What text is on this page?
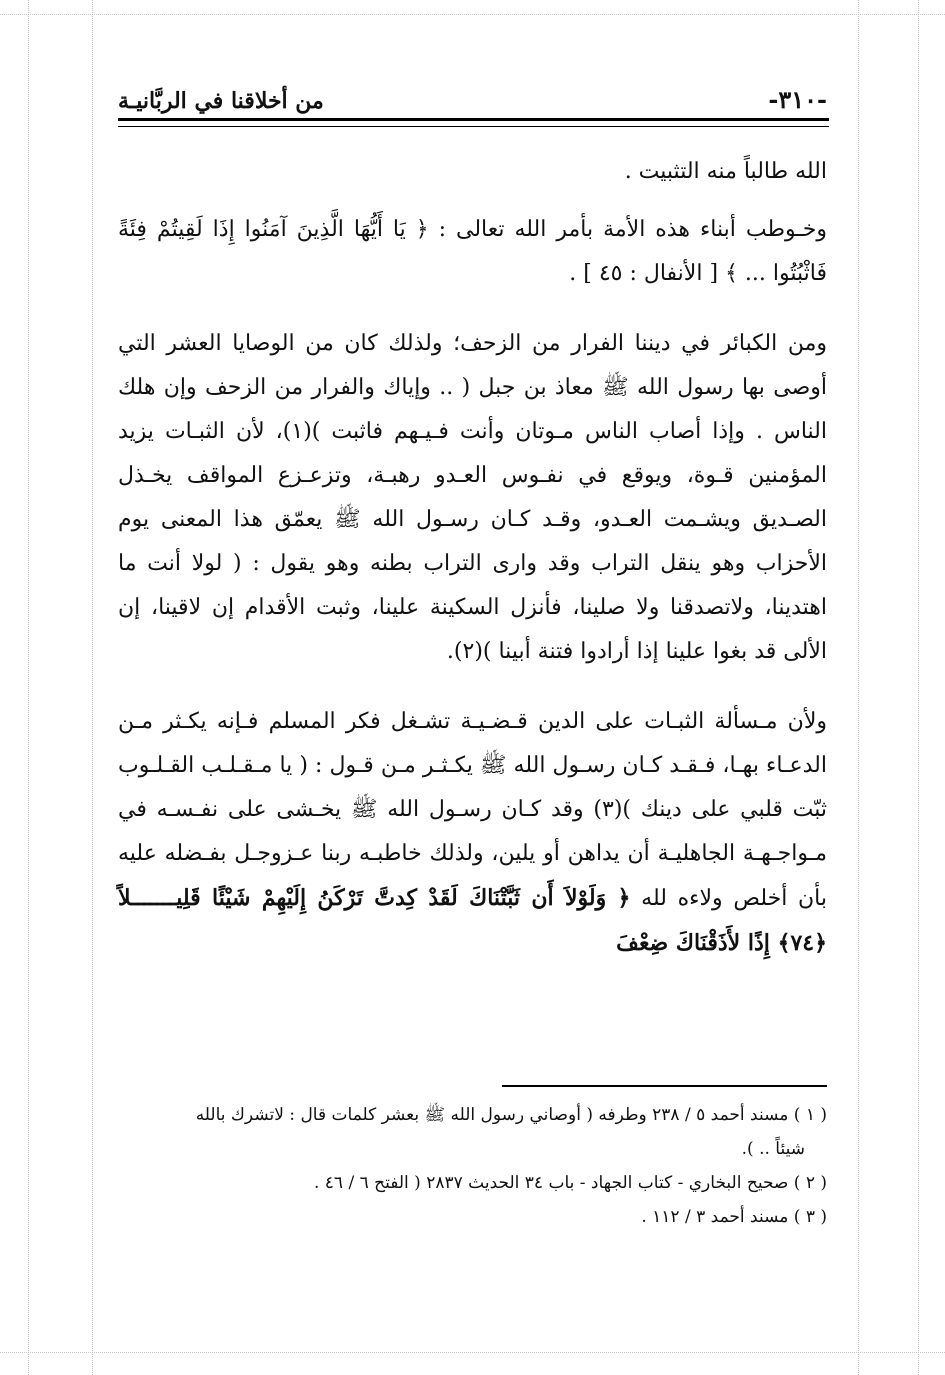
-٣١٠-
من أخلاقنا في الربَّانيـة

الله طالباً منه التثبيت .

وخـوطب أبناء هذه الأمة بأمر الله تعالى : ﴿ يَا أَيُّهَا الَّذِينَ آمَنُوا إِذَا لَقِيتُمْ فِئَةً فَاثْبُتُوا ... ﴾ [ الأنفال : ٤٥ ] .

ومن الكبائر في ديننا الفرار من الزحف؛ ولذلك كان من الوصايا العشر التي أوصى بها رسول الله ﷺ معاذ بن جبل ( .. وإياك والفرار من الزحف وإن هلك الناس . وإذا أصاب الناس مـوتان وأنت فـيـهم فاثبت )(١)، لأن الثبـات يزيد المؤمنين قـوة، ويوقع في نفـوس العـدو رهبـة، وتزعـزع المواقف يخـذل الصـديق ويشـمت العـدو، وقـد كـان رسـول الله ﷺ يعمّق هذا المعنى يوم الأحزاب وهو ينقل التراب وقد وارى التراب بطنه وهو يقول : ( لولا أنت ما اهتدينا، ولاتصدقنا ولا صلينا، فأنزل السكينة علينا، وثبت الأقدام إن لاقينا، إن الألى قد بغوا علينا إذا أرادوا فتنة أبينا )(٢).

ولأن مـسألة الثبـات على الدين قـضـيـة تشـغل فكر المسلم فـإنه يكـثر مـن الدعـاء بهـا، فـقـد كـان رسـول الله ﷺ يكـثـر مـن قـول : ( يا مـقـلـب القـلـوب ثبّت قلبي على دينك )(٣) وقد كـان رسـول الله ﷺ يخـشى على نفـسـه في مـواجـهـة الجاهليـة أن يداهن أو يلين، ولذلك خاطبـه ربنا عـزوجـل بفـضله عليه بأن أخلص ولاءه لله ﴿ وَلَوْلاَ أَن ثَبَّتْنَاكَ لَقَدْ كِدتَّ تَرْكَنُ إِلَيْهِمْ شَيْئًا قَلِيـــــــلاً ﴿٧٤﴾ إِذًا لأَذَقْنَاكَ ضِعْفَ

( ١ ) مسند أحمد ٥ / ٢٣٨ وطرفه ( أوصاني رسول الله ﷺ بعشر كلمات قال : لاتشرك بالله

شيئاً .. ).

( ٢ ) صحيح البخاري - كتاب الجهاد - باب ٣٤ الحديث ٢٨٣٧ ( الفتح ٦ / ٤٦ .

( ٣ ) مسند أحمد ٣ / ١١٢ .
